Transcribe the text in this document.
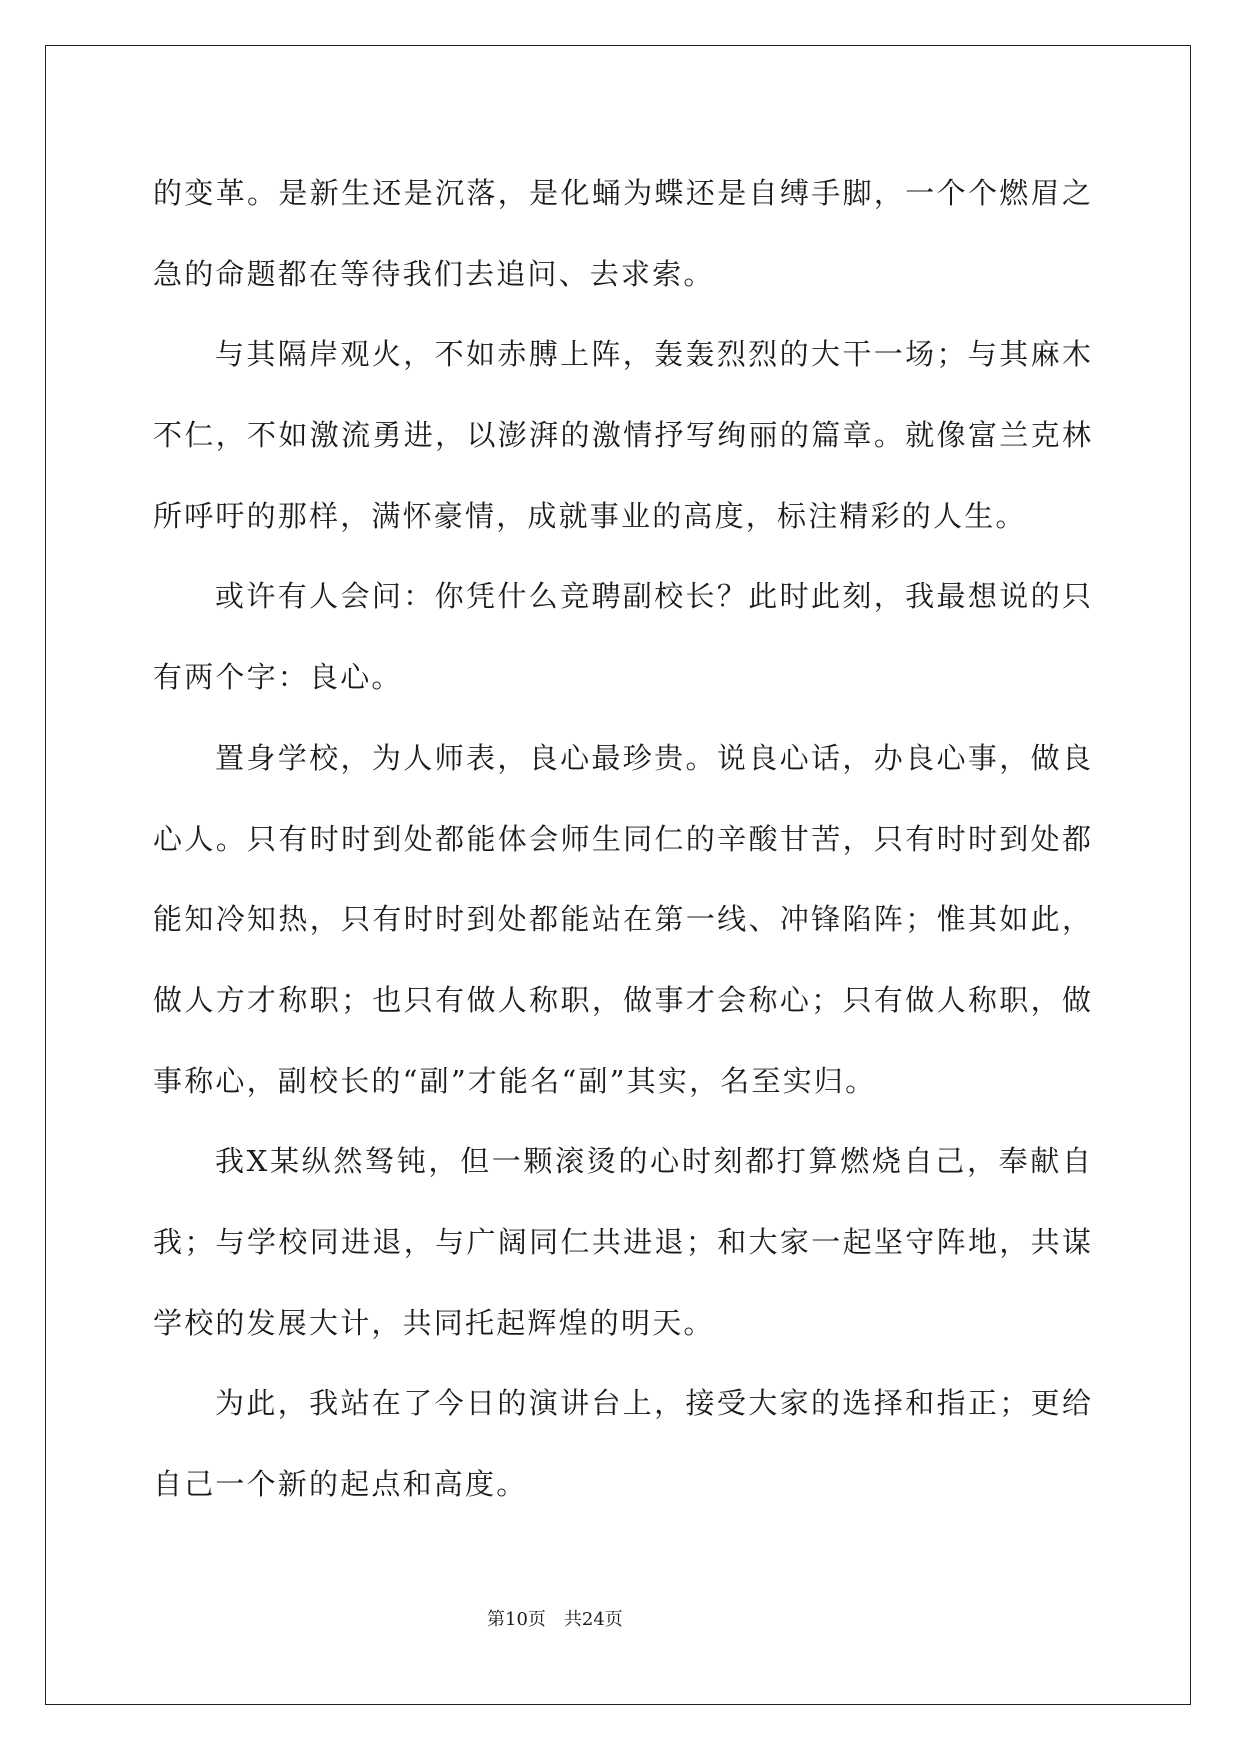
的变革。是新生还是沉落，是化蛹为蝶还是自缚手脚，一个个燃眉之
急的命题都在等待我们去追问、去求索。
与其隔岸观火，不如赤膊上阵，轰轰烈烈的大干一场；与其麻木
不仁，不如激流勇进，以澎湃的激情抒写绚丽的篇章。就像富兰克林
所呼吁的那样，满怀豪情，成就事业的高度，标注精彩的人生。
或许有人会问：你凭什么竞聘副校长？此时此刻，我最想说的只
有两个字：良心。
置身学校，为人师表，良心最珍贵。说良心话，办良心事，做良
心人。只有时时到处都能体会师生同仁的辛酸甘苦，只有时时到处都
能知冷知热，只有时时到处都能站在第一线、冲锋陷阵；惟其如此，
做人方才称职；也只有做人称职，做事才会称心；只有做人称职，做
事称心，副校长的“副”才能名“副”其实，名至实归。
我X某纵然驽钝，但一颗滚烫的心时刻都打算燃烧自己，奉献自
我；与学校同进退，与广阔同仁共进退；和大家一起坚守阵地，共谋
学校的发展大计，共同托起辉煌的明天。
为此，我站在了今日的演讲台上，接受大家的选择和指正；更给
自己一个新的起点和高度。
第10页 共24页
